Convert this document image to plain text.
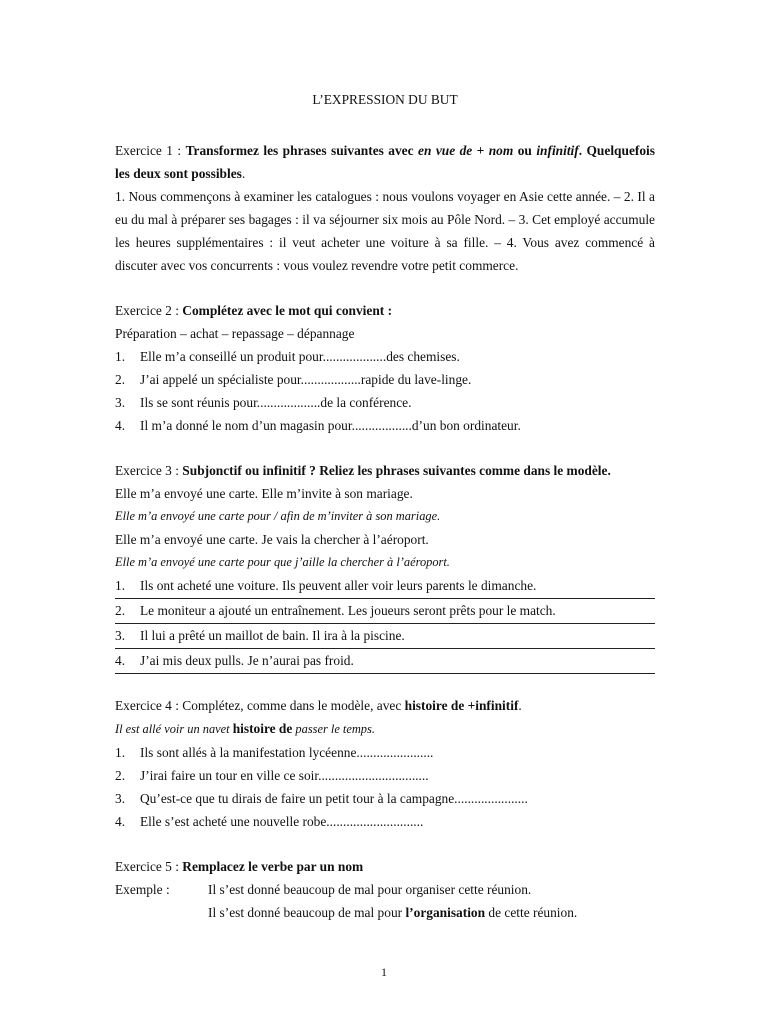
L’EXPRESSION DU BUT

Exercice 1 : Transformez les phrases suivantes avec en vue de + nom ou infinitif. Quelquefois les deux sont possibles.

1. Nous commençons à examiner les catalogues : nous voulons voyager en Asie cette année. – 2. Il a eu du mal à préparer ses bagages : il va séjourner six mois au Pôle Nord. – 3. Cet employé accumule les heures supplémentaires : il veut acheter une voiture à sa fille. – 4. Vous avez commencé à discuter avec vos concurrents : vous voulez revendre votre petit commerce.

Exercice 2 : Complétez avec le mot qui convient :

Préparation – achat – repassage – dépannage

1.	Elle m’a conseillé un produit pour...................des chemises.
2.	J’ai appelé un spécialiste pour..................rapide du lave-linge.
3.	Ils se sont réunis pour...................de la conférence.
4.	Il m’a donné le nom d’un magasin pour..................d’un bon ordinateur.

Exercice 3 : Subjonctif ou infinitif ? Reliez les phrases suivantes comme dans le modèle.

Elle m’a envoyé une carte. Elle m’invite à son mariage.

Elle m’a envoyé une carte pour / afin de m’inviter à son mariage.

Elle m’a envoyé une carte. Je vais la chercher à l’aéroport.

Elle m’a envoyé une carte pour que j’aille la chercher à l’aéroport.

1.	Ils ont acheté une voiture. Ils peuvent aller voir leurs parents le dimanche.
2.	Le moniteur a ajouté un entraînement. Les joueurs seront prêts pour le match.
3.	Il lui a prêté un maillot de bain. Il ira à la piscine.
4.	J’ai mis deux pulls. Je n’aurai pas froid.

Exercice 4 : Complétez, comme dans le modèle, avec histoire de +infinitif.

Il est allé voir un navet histoire de passer le temps.

1.	Ils sont allés à la manifestation lycéenne.......................
2.	J’irai faire un tour en ville ce soir.................................
3.	Qu’est-ce que tu dirais de faire un petit tour à la campagne......................
4.	Elle s’est acheté une nouvelle robe.............................

Exercice 5 : Remplacez le verbe par un nom

Exemple :	Il s’est donné beaucoup de mal pour organiser cette réunion.

Il s’est donné beaucoup de mal pour l’organisation de cette réunion.

1
